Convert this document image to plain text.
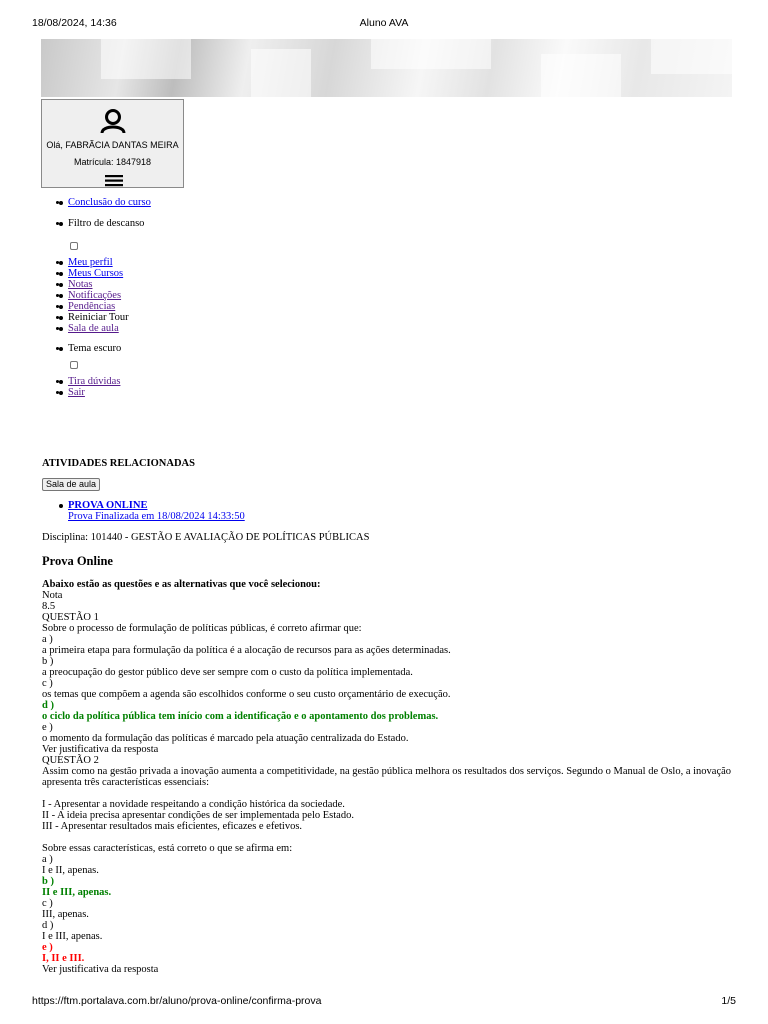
18/08/2024, 14:36	Aluno AVA
Olá, FABRÃ​CIA DANTAS MEIRA
Matrícula: 1847918
• Conclusão do curso
• Filtro de descanso
• Meu perfil
• Meus Cursos
• Notas
• Notificações
• Pendências
• Reiniciar Tour
• Sala de aula
• Tema escuro
• Tira dúvidas
• Sair
ATIVIDADES RELACIONADAS
Sala de aula
PROVA ONLINE
Prova Finalizada em 18/08/2024 14:33:50
Disciplina: 101440 - GESTÃO E AVALIAÇÃO DE POLÍTICAS PÚBLICAS
Prova Online
Abaixo estão as questões e as alternativas que você selecionou:
Nota
8.5
QUESTÃO 1
Sobre o processo de formulação de políticas públicas, é correto afirmar que:
a )
a primeira etapa para formulação da política é a alocação de recursos para as ações determinadas.
b )
a preocupação do gestor público deve ser sempre com o custo da política implementada.
c )
os temas que compõem a agenda são escolhidos conforme o seu custo orçamentário de execução.
d )
o ciclo da política pública tem início com a identificação e o apontamento dos problemas.
e )
o momento da formulação das políticas é marcado pela atuação centralizada do Estado.
Ver justificativa da resposta
QUESTÃO 2
Assim como na gestão privada a inovação aumenta a competitividade, na gestão pública melhora os resultados dos serviços. Segundo o Manual de Oslo, a inovação apresenta três características essenciais:
I - Apresentar a novidade respeitando a condição histórica da sociedade.
II - A ideia precisa apresentar condições de ser implementada pelo Estado.
III - Apresentar resultados mais eficientes, eficazes e efetivos.
Sobre essas características, está correto o que se afirma em:
a )
I e II, apenas.
b )
II e III, apenas.
c )
III, apenas.
d )
I e III, apenas.
e )
I, II e III.
Ver justificativa da resposta
https://ftm.portalava.com.br/aluno/prova-online/confirma-prova	1/5
